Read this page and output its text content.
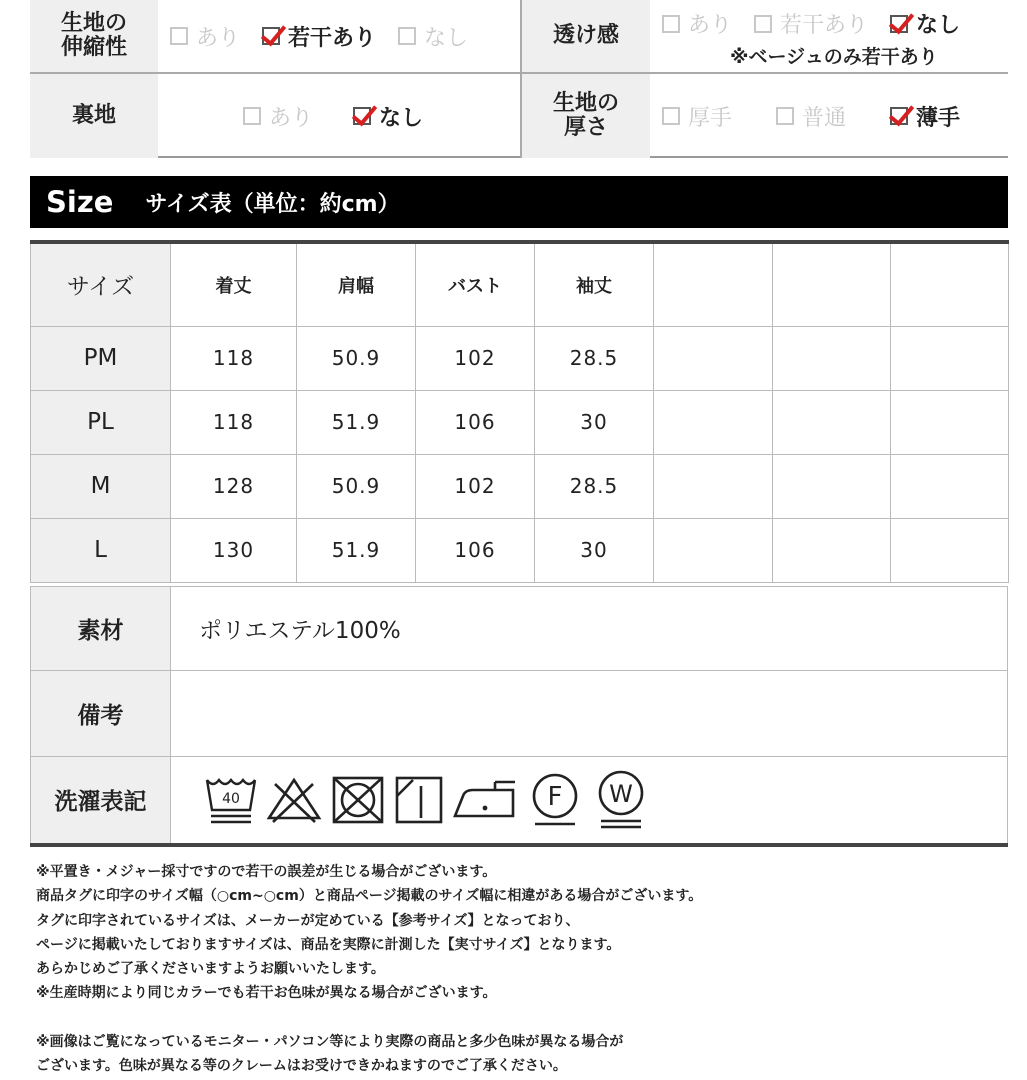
生地の
伸縮性	あり 若干あり なし	透け感	あり 若干あり なし
※ベージュのみ若干あり
裏地	あり	なし
生地の
厚さ	厚手	普通	薄手
Size サイズ表（単位：約cm）
サイズ	着丈	肩幅	バスト	袖丈			
PM	118	50.9	102	28.5			
PL	118	51.9	106	30			
M	128	50.9	102	28.5			
L	130	51.9	106	30			
素材	ポリエステル100%
備考	
洗濯表記	40 F W

※平置き・メジャー採寸ですので若干の誤差が生じる場合がございます。

商品タグに印字のサイズ幅（○cm~○cm）と商品ページ掲載のサイズ幅に相違がある場合がございます。

タグに印字されているサイズは、メーカーが定めている【参考サイズ】となっており、

ページに掲載いたしておりますサイズは、商品を実際に計測した【実寸サイズ】となります。

あらかじめご了承くださいますようお願いいたします。

※生産時期により同じカラーでも若干お色味が異なる場合がございます。

※画像はご覧になっているモニター・パソコン等により実際の商品と多少色味が異なる場合が

ございます。色味が異なる等のクレームはお受けできかねますのでご了承ください。
